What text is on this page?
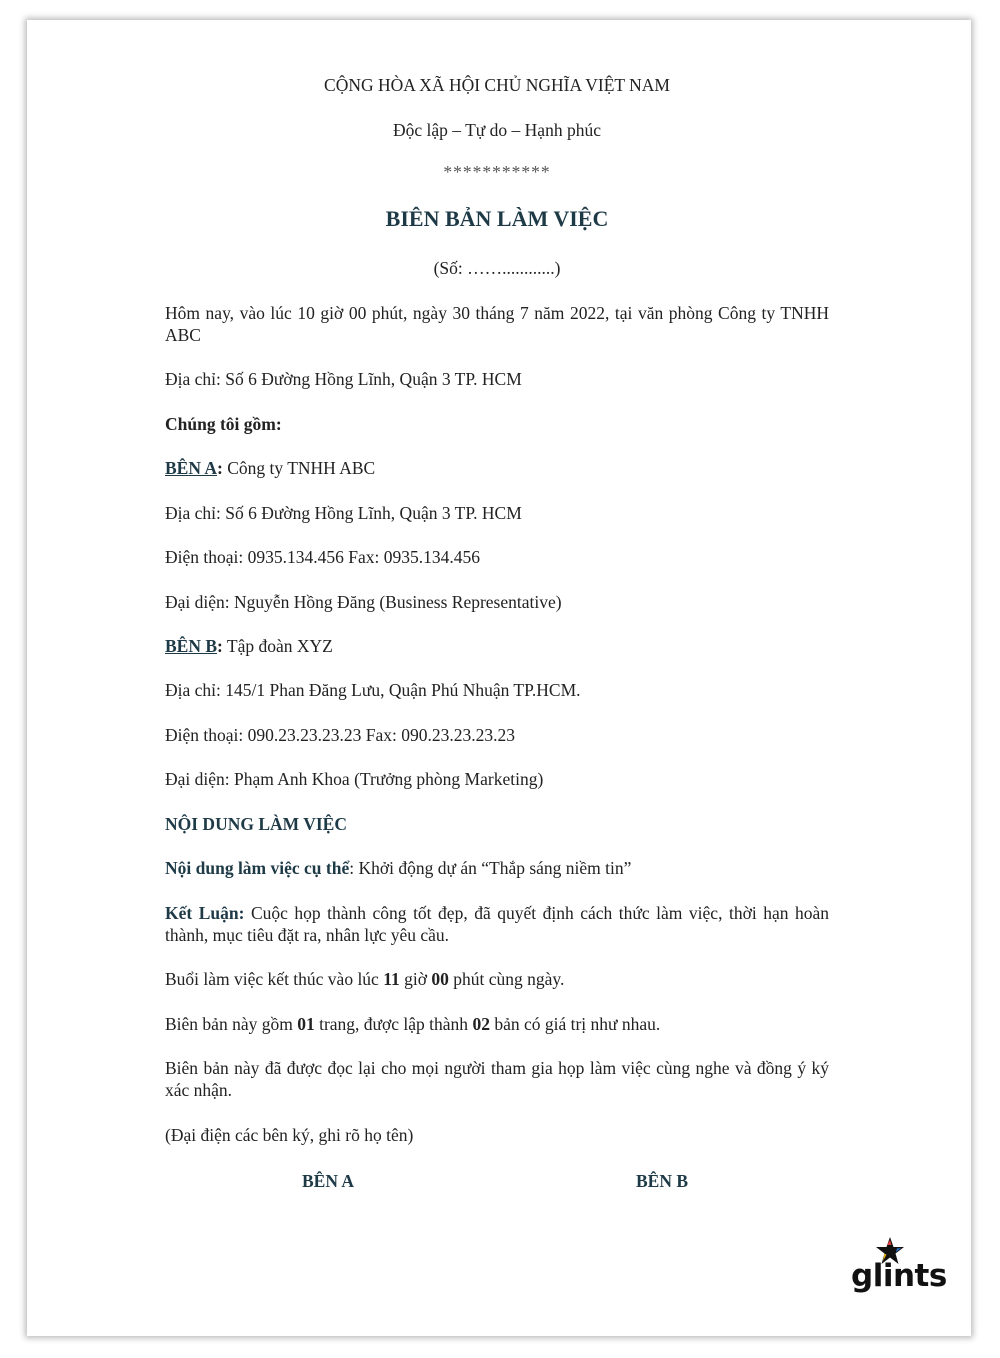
CỘNG HÒA XÃ HỘI CHỦ NGHĨA VIỆT NAM

Độc lập – Tự do – Hạnh phúc

***********

BIÊN BẢN LÀM VIỆC

(Số: ……............)

Hôm nay, vào lúc 10 giờ 00 phút, ngày 30 tháng 7 năm 2022, tại văn phòng Công ty TNHH ABC

Địa chỉ: Số 6 Đường Hồng Lĩnh, Quận 3 TP. HCM

Chúng tôi gồm:

BÊN A: Công ty TNHH ABC

Địa chỉ: Số 6 Đường Hồng Lĩnh, Quận 3 TP. HCM

Điện thoại: 0935.134.456 Fax: 0935.134.456

Đại diện: Nguyễn Hồng Đăng (Business Representative)

BÊN B: Tập đoàn XYZ

Địa chỉ: 145/1 Phan Đăng Lưu, Quận Phú Nhuận TP.HCM.

Điện thoại: 090.23.23.23.23 Fax: 090.23.23.23.23

Đại diện: Phạm Anh Khoa (Trưởng phòng Marketing)

NỘI DUNG LÀM VIỆC

Nội dung làm việc cụ thể: Khởi động dự án “Thắp sáng niềm tin”

Kết Luận: Cuộc họp thành công tốt đẹp, đã quyết định cách thức làm việc, thời hạn hoàn thành, mục tiêu đặt ra, nhân lực yêu cầu.

Buổi làm việc kết thúc vào lúc 11 giờ 00 phút cùng ngày.

Biên bản này gồm 01 trang, được lập thành 02 bản có giá trị như nhau.

Biên bản này đã được đọc lại cho mọi người tham gia họp làm việc cùng nghe và đồng ý ký xác nhận.

(Đại điện các bên ký, ghi rõ họ tên)

BÊN A	BÊN B
glints
